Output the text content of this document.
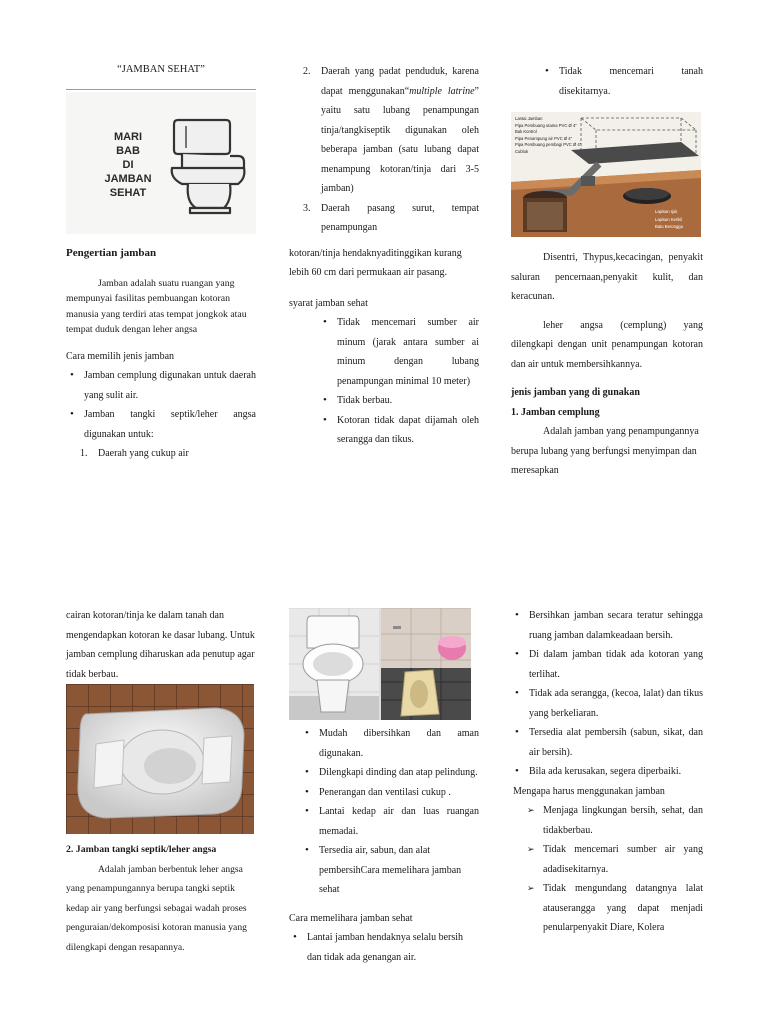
“JAMBAN SEHAT”
MARI
BAB
DI
JAMBAN
SEHAT

Pengertian jamban

Jamban adalah suatu ruangan yang mempunyai fasilitas pembuangan kotoran manusia yang terdiri atas tempat jongkok atau tempat duduk dengan leher angsa

Cara memilih jenis jamban

• Jamban cemplung digunakan untuk daerah yang sulit air.
• Jamban tangki septik/leher angsa digunakan untuk:
1. Daerah yang cukup air
2. Daerah yang padat penduduk, karena dapat menggunakan“multiple latrine” yaitu satu lubang penampungan tinja/tangkiseptik digunakan oleh beberapa jamban (satu lubang dapat menampung kotoran/tinja dari 3-5 jamban)
3. Daerah pasang surut, tempat penampungan

kotoran/tinja hendaknyaditinggikan kurang lebih 60 cm dari permukaan air pasang.

syarat jamban sehat

• Tidak mencemari sumber air minum (jarak antara sumber ai minum dengan lubang penampungan minimal 10 meter)
• Tidak berbau.
• Kotoran tidak dapat dijamah oleh serangga dan tikus.
• Tidak mencemari tanah disekitarnya.
Lantai Jamban
Pipa Pembuang utama PVC Ø 4"
Bak Kontrol
Pipa Penampung air PVC Ø 4"
Pipa Pembuang pembagi PVC Ø 4"
Cubluk
Lapisan Ijuk
Lapisan Kerikil
Batu Berongga

Disentri, Thypus,kecacingan, penyakit saluran pencernaan,penyakit kulit, dan keracunan.

leher angsa (cemplung) yang dilengkapi dengan unit penampungan kotoran dan air untuk membersihkannya.

jenis jamban yang di gunakan

1. Jamban cemplung

Adalah jamban yang penampungannya berupa lubang yang berfungsi menyimpan dan meresapkan

cairan kotoran/tinja ke dalam tanah dan mengendapkan kotoran ke dasar lubang. Untuk jamban cemplung diharuskan ada penutup agar tidak berbau.

2. Jamban tangki septik/leher angsa

Adalah jamban berbentuk leher angsa yang penampungannya berupa tangki septik kedap air yang berfungsi sebagai wadah proses penguraian/dekomposisi kotoran manusia yang dilengkapi dengan resapannya.

• Mudah dibersihkan dan aman digunakan.
• Dilengkapi dinding dan atap pelindung.
• Penerangan dan ventilasi cukup .
• Lantai kedap air dan luas ruangan memadai.
• Tersedia air, sabun, dan alat pembersihCara memelihara jamban sehat

Cara memelihara jamban sehat

• Lantai jamban hendaknya selalu bersih dan tidak ada genangan air.
• Bersihkan jamban secara teratur sehingga ruang jamban dalamkeadaan bersih.
• Di dalam jamban tidak ada kotoran yang terlihat.
• Tidak ada serangga, (kecoa, lalat) dan tikus yang berkeliaran.
• Tersedia alat pembersih (sabun, sikat, dan air bersih).
• Bila ada kerusakan, segera diperbaiki.

Mengapa harus menggunakan jamban

➢ Menjaga lingkungan bersih, sehat, dan tidakberbau.
➢ Tidak mencemari sumber air yang adadisekitarnya.
➢ Tidak mengundang datangnya lalat atauserangga yang dapat menjadi penularpenyakit Diare, Kolera
